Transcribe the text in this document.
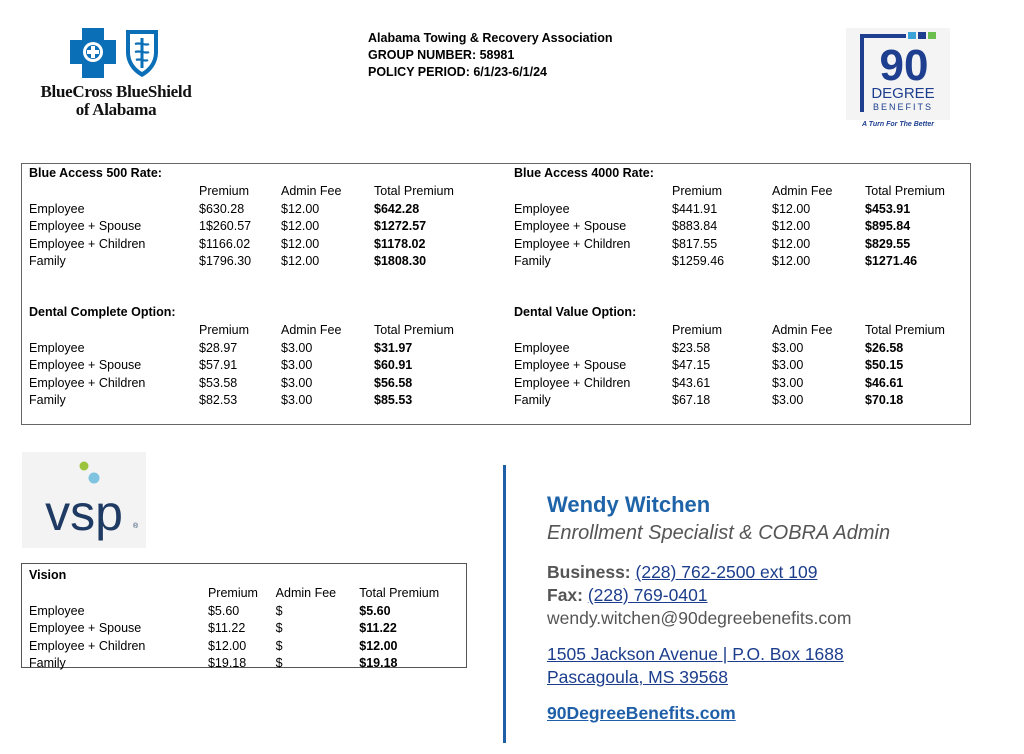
BlueCross BlueShield
of Alabama
Alabama Towing & Recovery Association
GROUP NUMBER: 58981
POLICY PERIOD: 6/1/23-6/1/24	90
DEGREE
BENEFITS
A Turn For The Better
Blue Access 500 Rate:
	Premium	Admin Fee	Total Premium
Employee	$630.28	$12.00	$642.28
Employee + Spouse	1$260.57	$12.00	$1272.57
Employee + Children	$1166.02	$12.00	$1178.02
Family	$1796.30	$12.00	$1808.30
Blue Access 4000 Rate:
	Premium	Admin Fee	Total Premium
Employee	$441.91	$12.00	$453.91
Employee + Spouse	$883.84	$12.00	$895.84
Employee + Children	$817.55	$12.00	$829.55
Family	$1259.46	$12.00	$1271.46
Dental Complete Option:
	Premium	Admin Fee	Total Premium
Employee	$28.97	$3.00	$31.97
Employee + Spouse	$57.91	$3.00	$60.91
Employee + Children	$53.58	$3.00	$56.58
Family	$82.53	$3.00	$85.53
Dental Value Option:
	Premium	Admin Fee	Total Premium
Employee	$23.58	$3.00	$26.58
Employee + Spouse	$47.15	$3.00	$50.15
Employee + Children	$43.61	$3.00	$46.61
Family	$67.18	$3.00	$70.18
vsp ®
Vision
	Premium	Admin Fee	Total Premium
Employee	$5.60	$	$5.60
Employee + Spouse	$11.22	$	$11.22
Employee + Children	$12.00	$	$12.00
Family	$19.18	$	$19.18
Wendy Witchen
Enrollment Specialist & COBRA Admin
Business: (228) 762-2500 ext 109
Fax: (228) 769-0401
wendy.witchen@90degreebenefits.com
1505 Jackson Avenue | P.O. Box 1688
Pascagoula, MS 39568
90DegreeBenefits.com
